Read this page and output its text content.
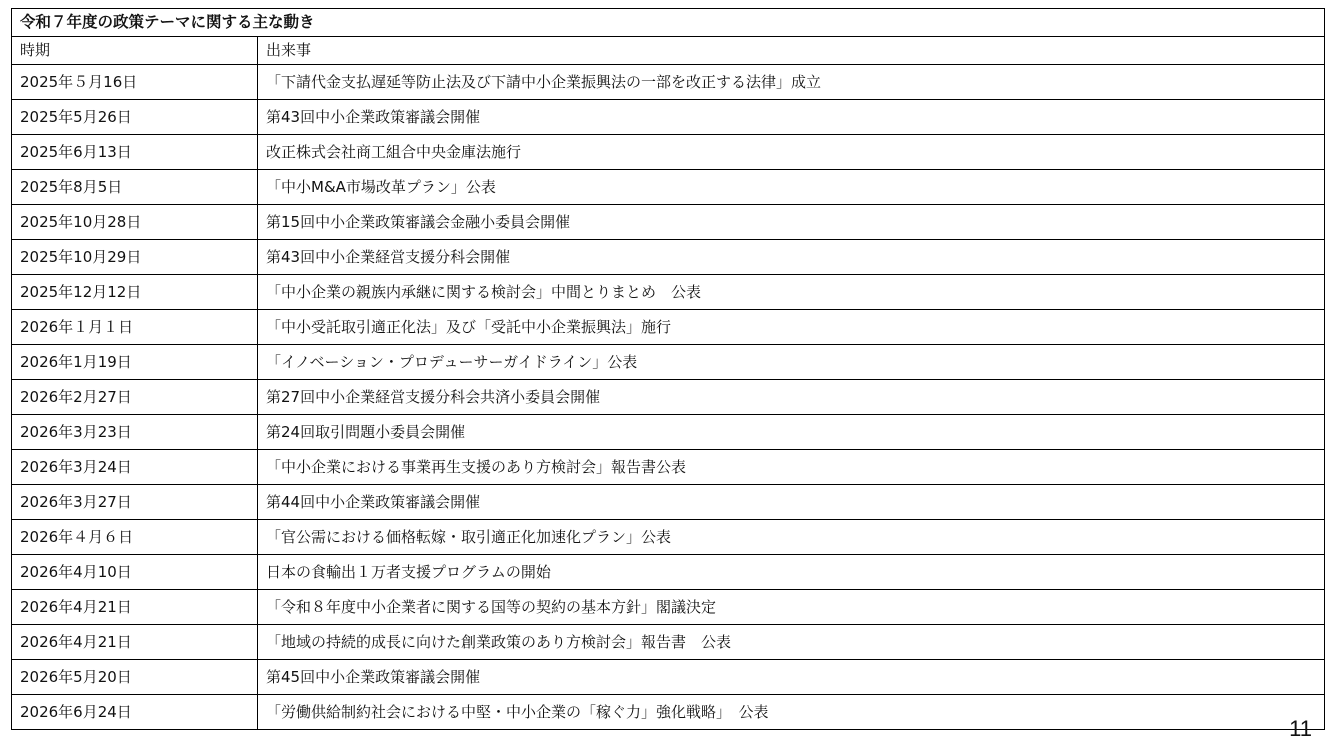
令和７年度の政策テーマに関する主な動き	
時期	出来事
2025年５月16日	「下請代金支払遅延等防止法及び下請中小企業振興法の一部を改正する法律」成立
2025年5月26日	第43回中小企業政策審議会開催
2025年6月13日	改正株式会社商工組合中央金庫法施行
2025年8月5日	「中小M&A市場改革プラン」公表
2025年10月28日	第15回中小企業政策審議会金融小委員会開催
2025年10月29日	第43回中小企業経営支援分科会開催
2025年12月12日	「中小企業の親族内承継に関する検討会」中間とりまとめ　公表
2026年１月１日	「中小受託取引適正化法」及び「受託中小企業振興法」施行
2026年1月19日	「イノベーション・プロデューサーガイドライン」公表
2026年2月27日	第27回中小企業経営支援分科会共済小委員会開催
2026年3月23日	第24回取引問題小委員会開催
2026年3月24日	「中小企業における事業再生支援のあり方検討会」報告書公表
2026年3月27日	第44回中小企業政策審議会開催
2026年４月６日	「官公需における価格転嫁・取引適正化加速化プラン」公表
2026年4月10日	日本の食輸出１万者支援プログラムの開始
2026年4月21日	「令和８年度中小企業者に関する国等の契約の基本方針」閣議決定
2026年4月21日	「地域の持続的成長に向けた創業政策のあり方検討会」報告書　公表
2026年5月20日	第45回中小企業政策審議会開催
2026年6月24日	「労働供給制約社会における中堅・中小企業の「稼ぐ力」強化戦略」　公表
11
